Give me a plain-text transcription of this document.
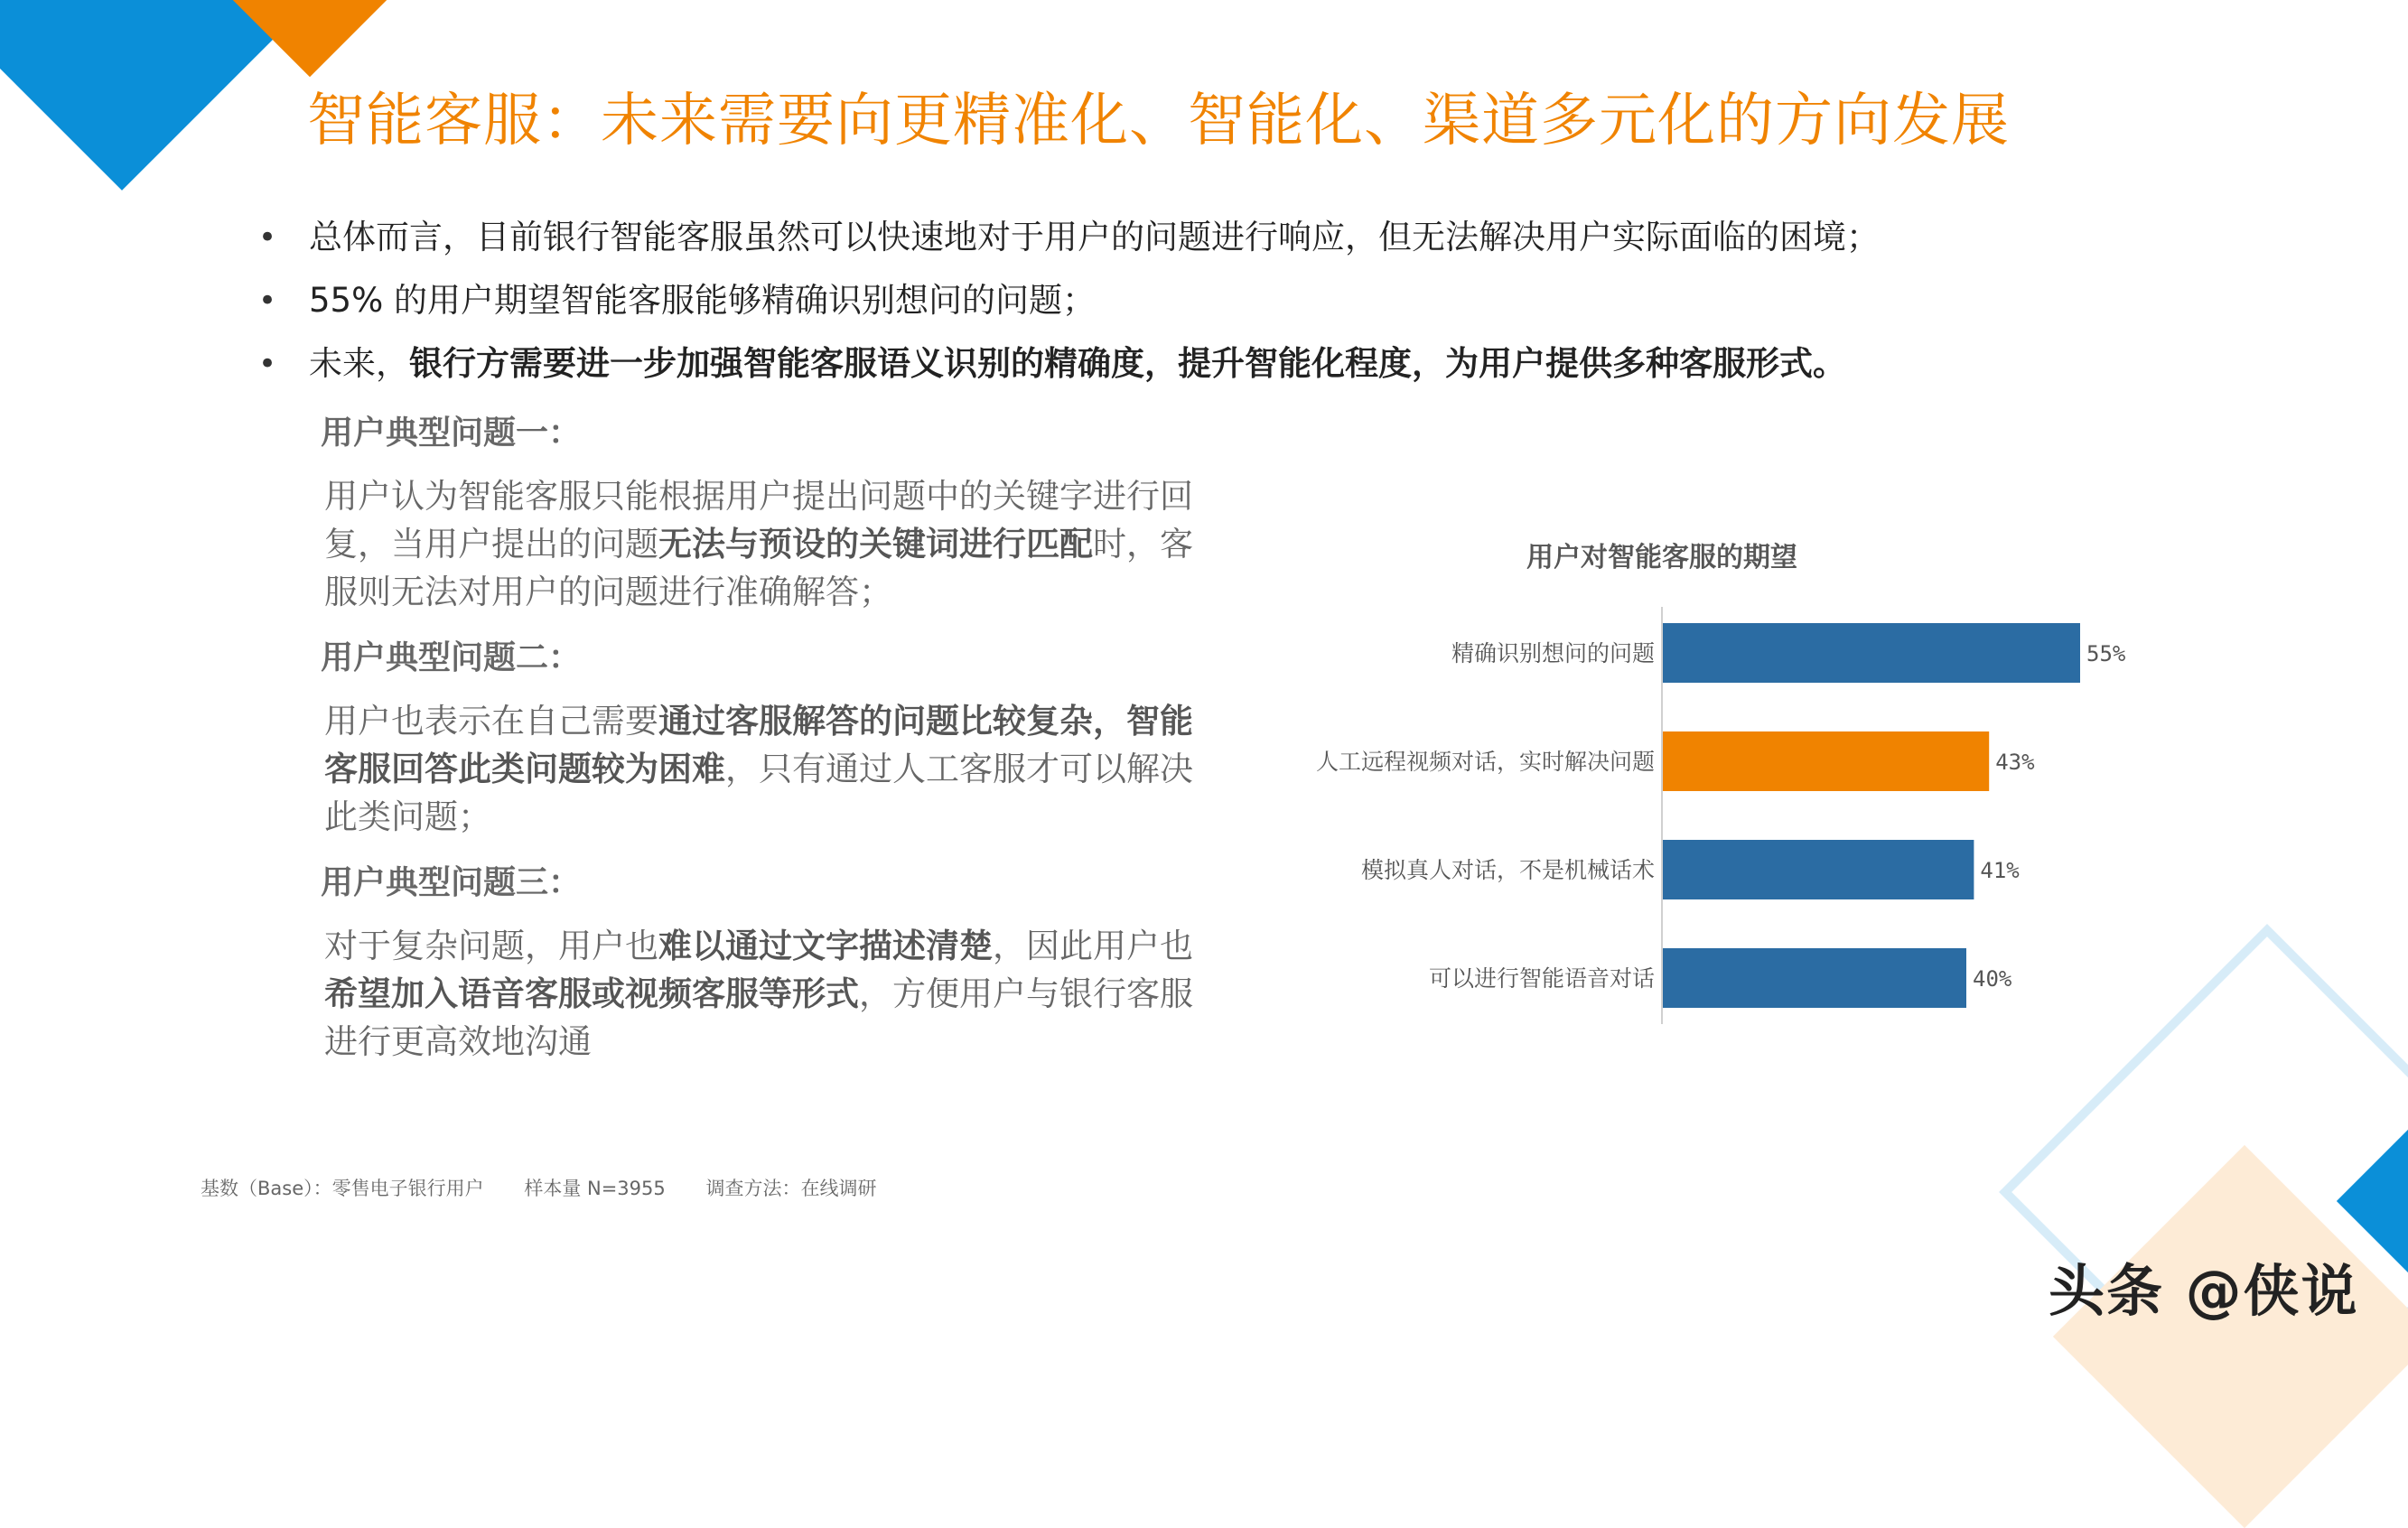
智能客服：未来需要向更精准化、智能化、渠道多元化的方向发展
• 总体而言，目前银行智能客服虽然可以快速地对于用户的问题进行响应，但无法解决用户实际面临的困境；
• 55% 的用户期望智能客服能够精确识别想问的问题；
• 未来，银行方需要进一步加强智能客服语义识别的精确度，提升智能化程度，为用户提供多种客服形式。
用户典型问题一：
用户认为智能客服只能根据用户提出问题中的关键字进行回复，当用户提出的问题无法与预设的关键词进行匹配时，客服则无法对用户的问题进行准确解答；
用户典型问题二：
用户也表示在自己需要通过客服解答的问题比较复杂，智能客服回答此类问题较为困难，只有通过人工客服才可以解决此类问题；
用户典型问题三：
对于复杂问题，用户也难以通过文字描述清楚，因此用户也希望加入语音客服或视频客服等形式，方便用户与银行客服进行更高效地沟通
用户对智能客服的期望
精确识别想问的问题	55%
人工远程视频对话，实时解决问题	43%
模拟真人对话，不是机械话术	41%
可以进行智能语音对话	40%
基数（Base）：零售电子银行用户 样本量 N=3955 调查方法：在线调研
头条 @侠说
